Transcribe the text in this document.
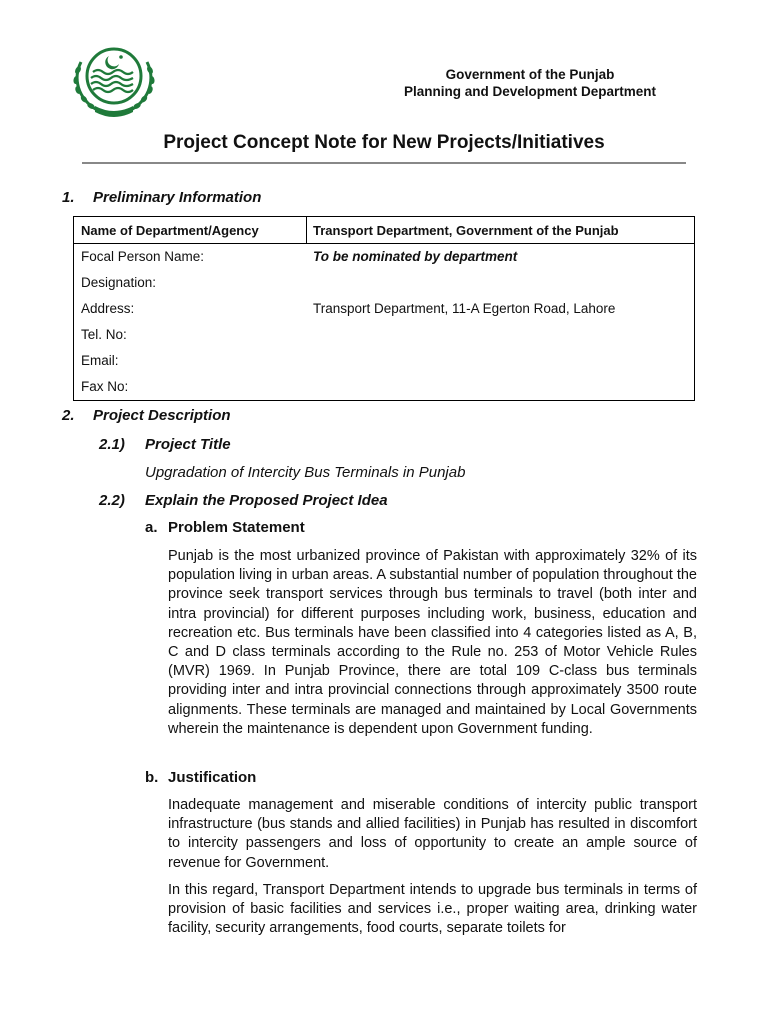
Government of the Punjab
Planning and Development Department
Project Concept Note for New Projects/Initiatives
1. Preliminary Information
Name of Department/Agency	Transport Department, Government of the Punjab
Focal Person Name:	To be nominated by department
Designation:
Address:	Transport Department, 11-A Egerton Road, Lahore
Tel. No:
Email:
Fax No:
2. Project Description
2.1) Project Title
Upgradation of Intercity Bus Terminals in Punjab
2.2) Explain the Proposed Project Idea
a. Problem Statement
Punjab is the most urbanized province of Pakistan with approximately 32% of its population living in urban areas. A substantial number of population throughout the province seek transport services through bus terminals to travel (both inter and intra provincial) for different purposes including work, business, education and recreation etc. Bus terminals have been classified into 4 categories listed as A, B, C and D class terminals according to the Rule no. 253 of Motor Vehicle Rules (MVR) 1969. In Punjab Province, there are total 109 C-class bus terminals providing inter and intra provincial connections through approximately 3500 route alignments. These terminals are managed and maintained by Local Governments wherein the maintenance is dependent upon Government funding.
b. Justification
Inadequate management and miserable conditions of intercity public transport infrastructure (bus stands and allied facilities) in Punjab has resulted in discomfort to intercity passengers and loss of opportunity to create an ample source of revenue for Government.
In this regard, Transport Department intends to upgrade bus terminals in terms of provision of basic facilities and services i.e., proper waiting area, drinking water facility, security arrangements, food courts, separate toilets for
